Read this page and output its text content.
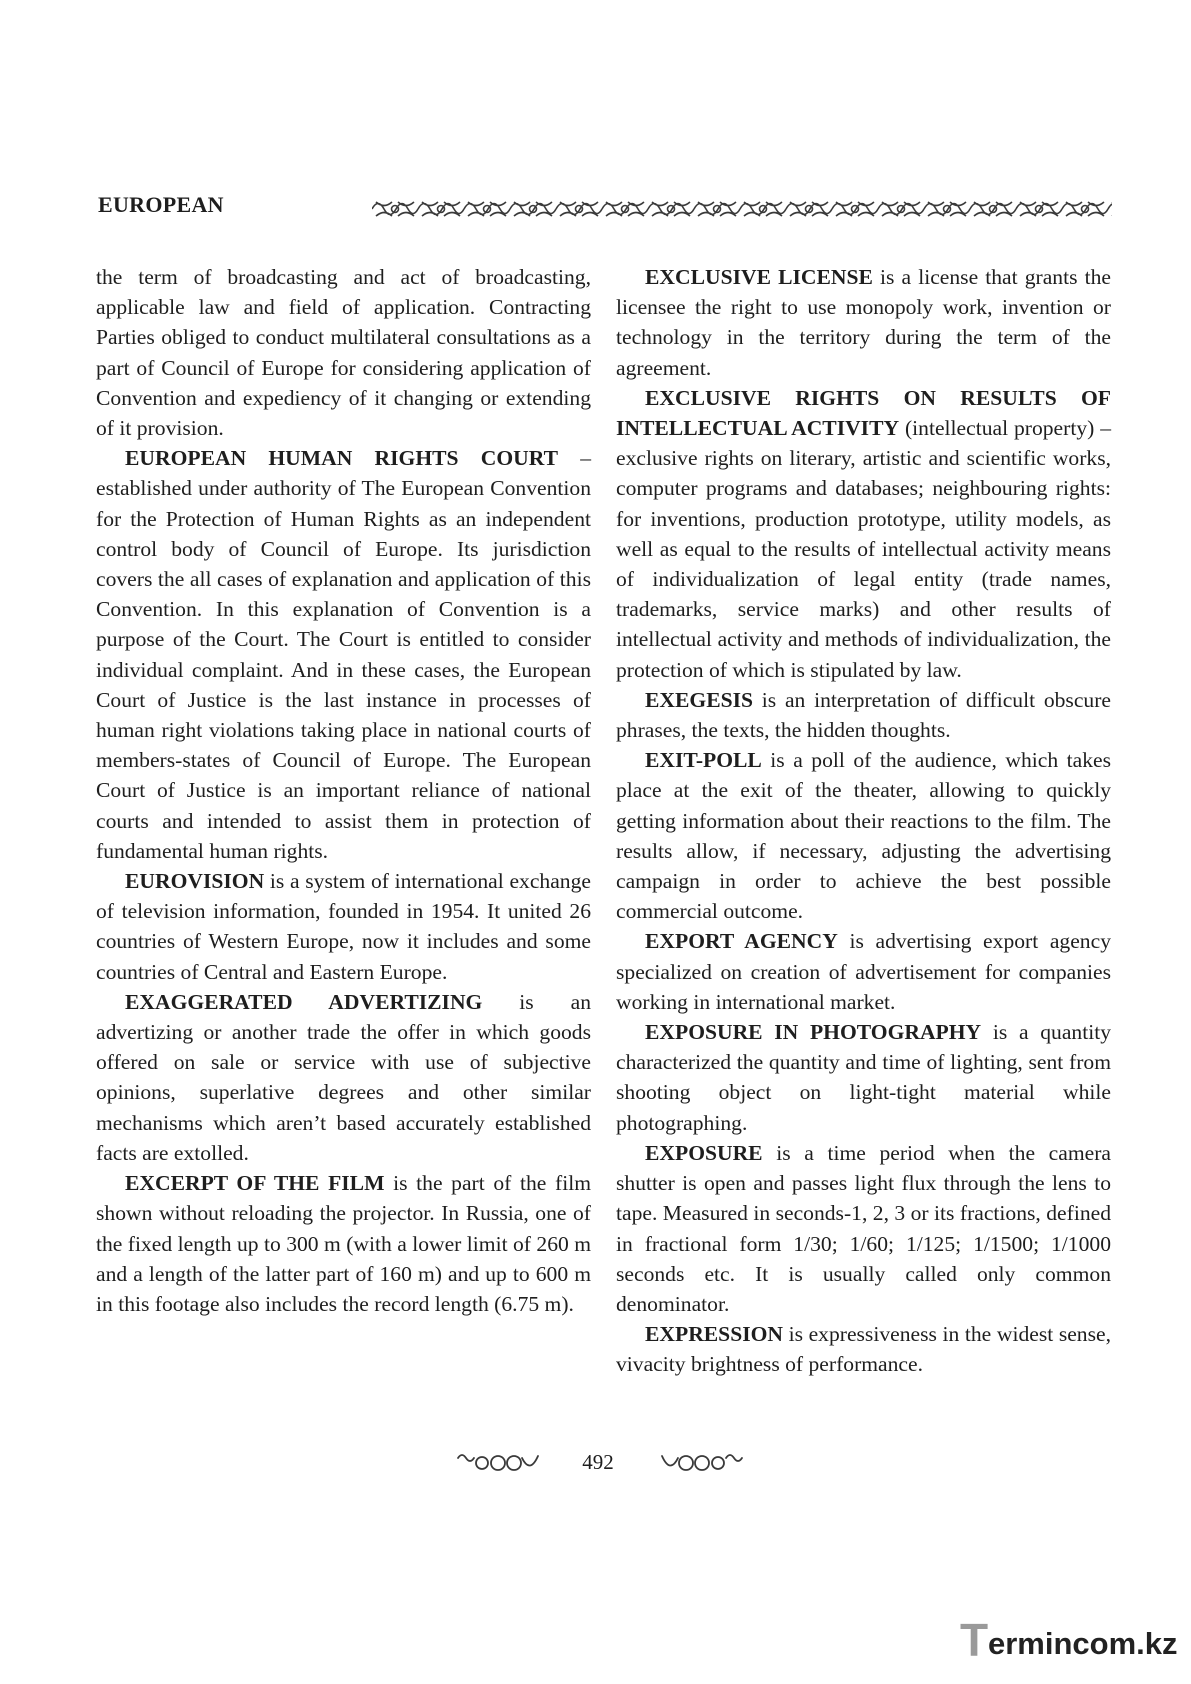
EUROPEAN

the term of broadcasting and act of broadcasting, applicable law and field of application. Contracting Parties obliged to conduct multilateral consultations as a part of Council of Europe for considering application of Convention and expediency of it changing or extending of it provision.

EUROPEAN HUMAN RIGHTS COURT – established under authority of The European Convention for the Protection of Human Rights as an independent control body of Council of Europe. Its jurisdiction covers the all cases of explanation and application of this Convention. In this explanation of Convention is a purpose of the Court. The Court is entitled to consider individual complaint. And in these cases, the European Court of Justice is the last instance in processes of human right violations taking place in national courts of members-states of Council of Europe. The European Court of Justice is an important reliance of national courts and intended to assist them in protection of fundamental human rights.

EUROVISION is a system of international exchange of television information, founded in 1954. It united 26 countries of Western Europe, now it includes and some countries of Central and Eastern Europe.

EXAGGERATED ADVERTIZING is an advertizing or another trade the offer in which goods offered on sale or service with use of subjective opinions, superlative degrees and other similar mechanisms which aren’t based accurately established facts are extolled.

EXCERPT OF THE FILM is the part of the film shown without reloading the projector. In Russia, one of the fixed length up to 300 m (with a lower limit of 260 m and a length of the latter part of 160 m) and up to 600 m in this footage also includes the record length (6.75 m).

EXCLUSIVE LICENSE is a license that grants the licensee the right to use monopoly work, invention or technology in the territory during the term of the agreement.

EXCLUSIVE RIGHTS ON RESULTS OF INTELLECTUAL ACTIVITY (intellectual property) – exclusive rights on literary, artistic and scientific works, computer programs and databases; neighbouring rights: for inventions, production prototype, utility models, as well as equal to the results of intellectual activity means of individualization of legal entity (trade names, trademarks, service marks) and other results of intellectual activity and methods of individualization, the protection of which is stipulated by law.

EXEGESIS is an interpretation of difficult obscure phrases, the texts, the hidden thoughts.

EXIT-POLL is a poll of the audience, which takes place at the exit of the theater, allowing to quickly getting information about their reactions to the film. The results allow, if necessary, adjusting the advertising campaign in order to achieve the best possible commercial outcome.

EXPORT AGENCY is advertising export agency specialized on creation of advertisement for companies working in international market.

EXPOSURE IN PHOTOGRAPHY is a quantity characterized the quantity and time of lighting, sent from shooting object on light-tight material while photographing.

EXPOSURE is a time period when the camera shutter is open and passes light flux through the lens to tape. Measured in seconds-1, 2, 3 or its fractions, defined in fractional form 1/30; 1/60; 1/125; 1/1500; 1/1000 seconds etc. It is usually called only common denominator.

EXPRESSION is expressiveness in the widest sense, vivacity brightness of performance.

492
T ermincom.kz
